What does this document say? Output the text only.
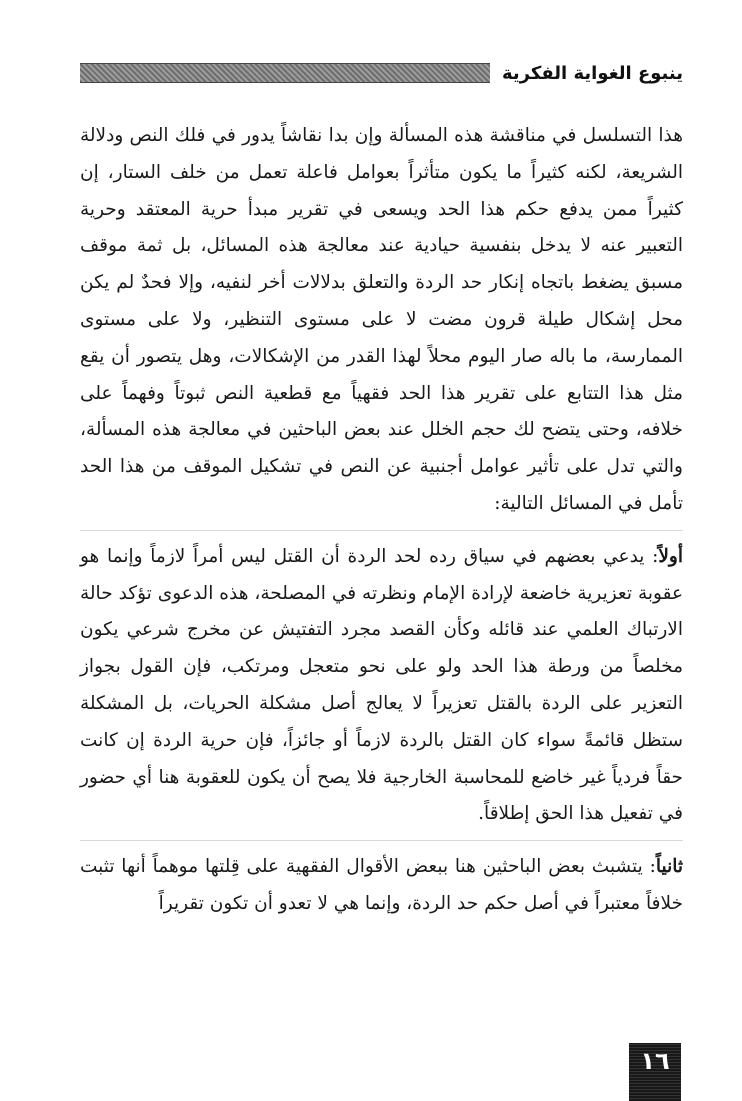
ينبوع الغواية الفكرية

هذا التسلسل في مناقشة هذه المسألة وإن بدا نقاشاً يدور في فلك النص ودلالة الشريعة، لكنه كثيراً ما يكون متأثراً بعوامل فاعلة تعمل من خلف الستار، إن كثيراً ممن يدفع حكم هذا الحد ويسعى في تقرير مبدأ حرية المعتقد وحرية التعبير عنه لا يدخل بنفسية حيادية عند معالجة هذه المسائل، بل ثمة موقف مسبق يضغط باتجاه إنكار حد الردة والتعلق بدلالات أخر لنفيه، وإلا فحدٌ لم يكن محل إشكال طيلة قرون مضت لا على مستوى التنظير، ولا على مستوى الممارسة، ما باله صار اليوم محلاً لهذا القدر من الإشكالات، وهل يتصور أن يقع مثل هذا التتابع على تقرير هذا الحد فقهياً مع قطعية النص ثبوتاً وفهماً على خلافه، وحتى يتضح لك حجم الخلل عند بعض الباحثين في معالجة هذه المسألة، والتي تدل على تأثير عوامل أجنبية عن النص في تشكيل الموقف من هذا الحد تأمل في المسائل التالية:

أولاً: يدعي بعضهم في سياق رده لحد الردة أن القتل ليس أمراً لازماً وإنما هو عقوبة تعزيرية خاضعة لإرادة الإمام ونظرته في المصلحة، هذه الدعوى تؤكد حالة الارتباك العلمي عند قائله وكأن القصد مجرد التفتيش عن مخرج شرعي يكون مخلصاً من ورطة هذا الحد ولو على نحو متعجل ومرتكب، فإن القول بجواز التعزير على الردة بالقتل تعزيراً لا يعالج أصل مشكلة الحريات، بل المشكلة ستظل قائمةً سواء كان القتل بالردة لازماً أو جائزاً، فإن حرية الردة إن كانت حقاً فردياً غير خاضع للمحاسبة الخارجية فلا يصح أن يكون للعقوبة هنا أي حضور في تفعيل هذا الحق إطلاقاً.

ثانياً: يتشبث بعض الباحثين هنا ببعض الأقوال الفقهية على قِلتها موهماً أنها تثبت خلافاً معتبراً في أصل حكم حد الردة، وإنما هي لا تعدو أن تكون تقريراً

١٦
